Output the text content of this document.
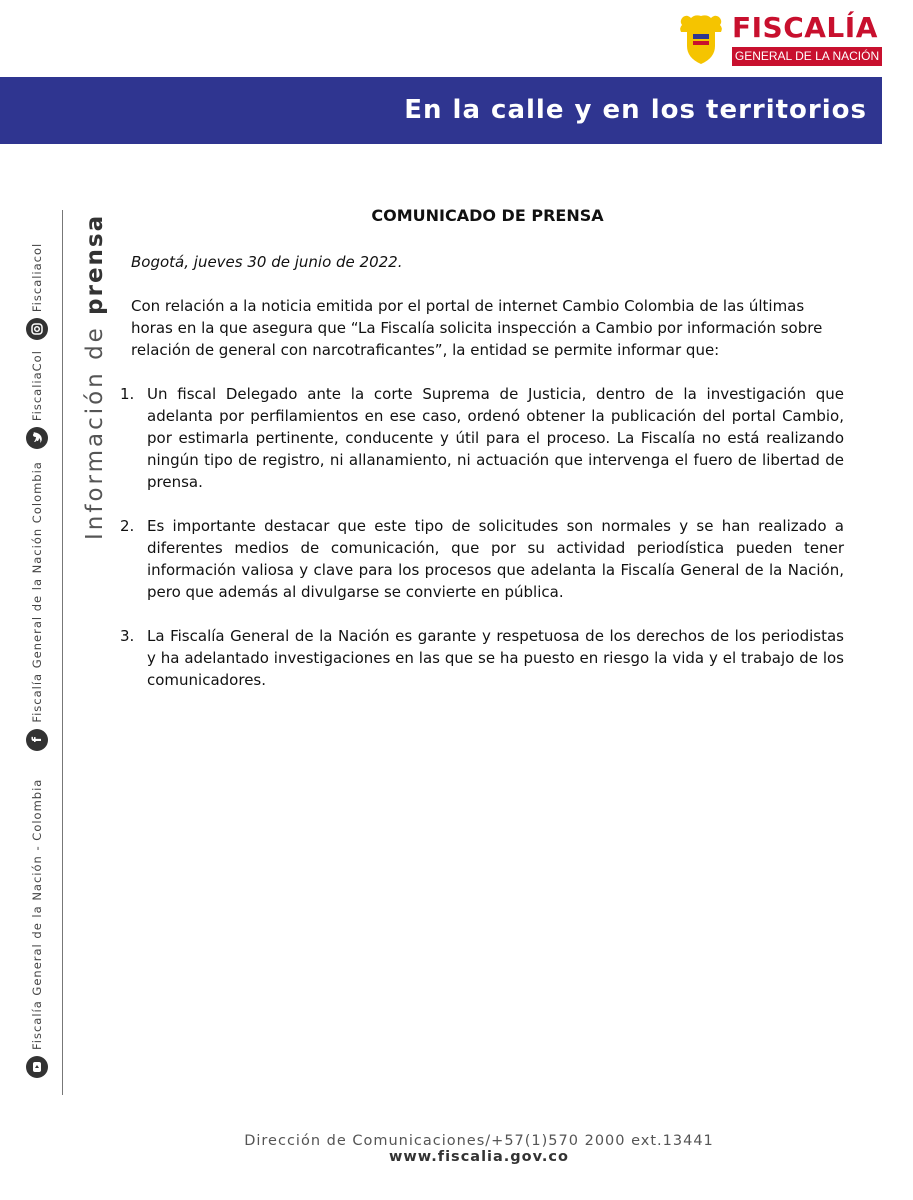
FISCALÍA
GENERAL DE LA NACIÓN
En la calle y en los territorios
Fiscalía General de la Nación - Colombia
f
Fiscalía General de la Nación Colombia
FiscaliaCol
Fiscaliacol
Información de prensa	COMUNICADO DE PRENSA
Bogotá, jueves 30 de junio de 2022.
Con relación a la noticia emitida por el portal de internet Cambio Colombia de las últimas horas en la que asegura que “La Fiscalía solicita inspección a Cambio por información sobre relación de general con narcotraficantes”, la entidad se permite informar que:
1. Un fiscal Delegado ante la corte Suprema de Justicia, dentro de la investigación que adelanta por perfilamientos en ese caso, ordenó obtener la publicación del portal Cambio, por estimarla pertinente, conducente y útil para el proceso. La Fiscalía no está realizando ningún tipo de registro, ni allanamiento, ni actuación que intervenga el fuero de libertad de prensa.
2. Es importante destacar que este tipo de solicitudes son normales y se han realizado a diferentes medios de comunicación, que por su actividad periodística pueden tener información valiosa y clave para los procesos que adelanta la Fiscalía General de la Nación, pero que además al divulgarse se convierte en pública.
3. La Fiscalía General de la Nación es garante y respetuosa de los derechos de los periodistas y ha adelantado investigaciones en las que se ha puesto en riesgo la vida y el trabajo de los comunicadores.
Dirección de Comunicaciones/+57(1)570 2000 ext.13441
www.fiscalia.gov.co
